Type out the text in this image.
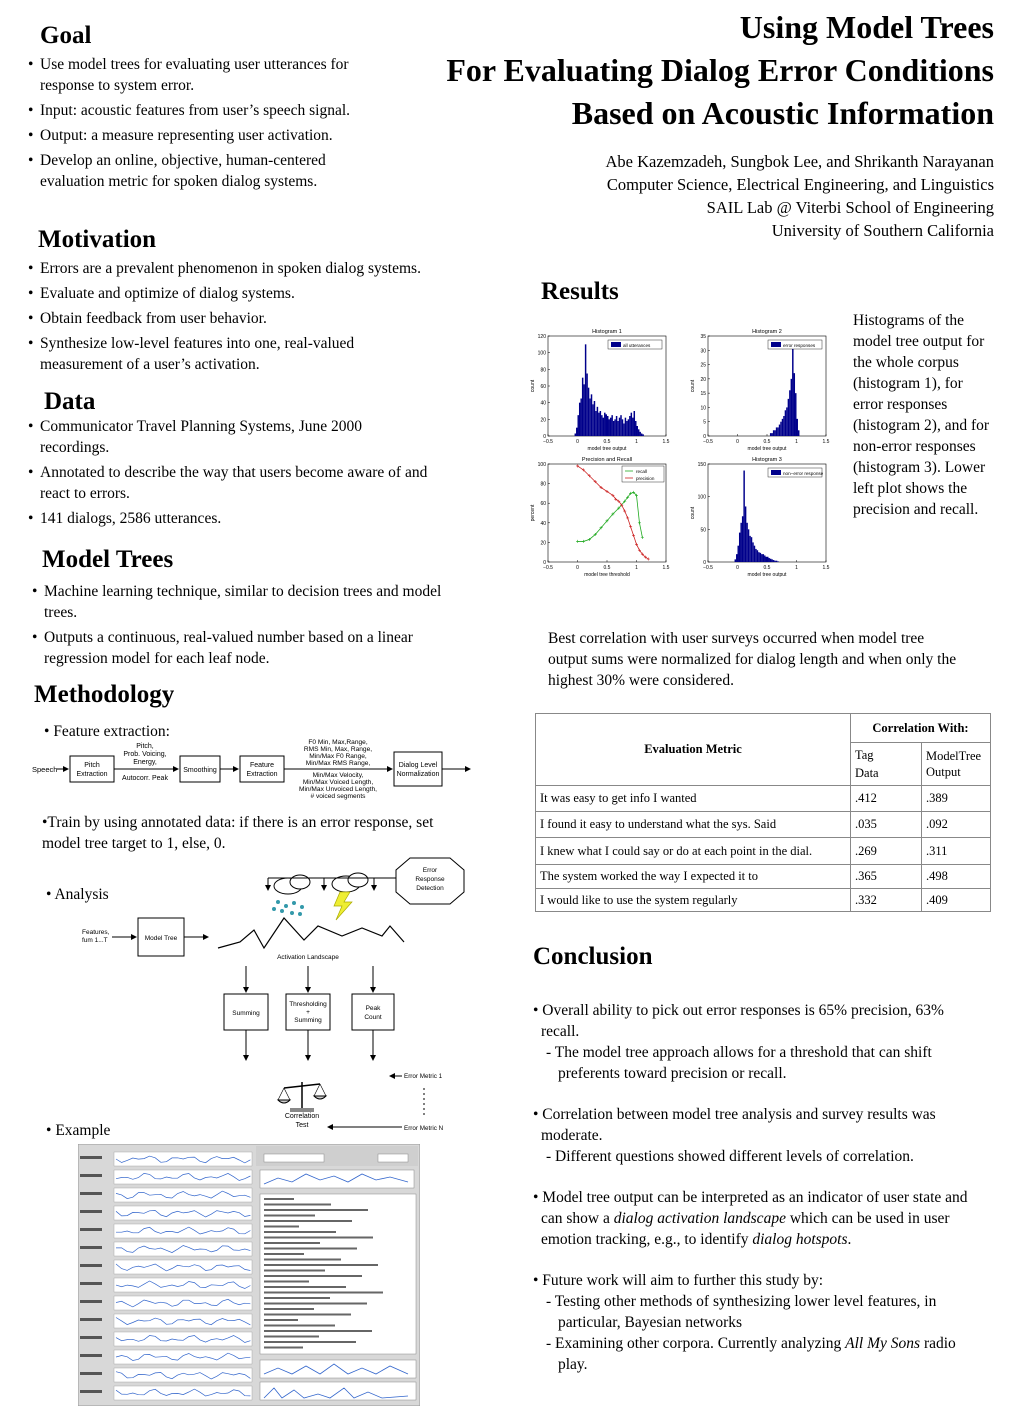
Using Model Trees
For Evaluating Dialog Error Conditions
Based on Acoustic Information
Abe Kazemzadeh, Sungbok Lee, and Shrikanth Narayanan
Computer Science, Electrical Engineering, and Linguistics
SAIL Lab @ Viterbi School of Engineering
University of Southern California
Goal
• Use model trees for evaluating user utterances for response to system error.
• Input: acoustic features from user’s speech signal.
• Output: a measure representing user activation.
• Develop an online, objective, human-centered evaluation metric for spoken dialog systems.
Motivation
• Errors are a prevalent phenomenon in spoken dialog systems.
• Evaluate and optimize of dialog systems.
• Obtain feedback from user behavior.
• Synthesize low-level features into one, real-valued measurement of a user’s activation.
Data
• Communicator Travel Planning Systems, June 2000 recordings.
• Annotated to describe the way that users become aware of and react to errors.
• 141 dialogs, 2586 utterances.
Model Trees
• Machine learning technique, similar to decision trees and model trees.
• Outputs a continuous, real-valued number based on a linear regression model for each leaf node.
Methodology
• Feature extraction:
Speech	Pitch
Extraction
Pitch,
Prob. Voicing,
Energy,
Autocorr. Peak
Smoothing
Feature
Extraction
F0 Min, Max,Range,
RMS Min, Max, Range,
Min/Max F0 Range,
Min/Max RMS Range,
Min/Max Velocity,
Min/Max Voiced Length,
Min/Max Unvoiced Length,
# voiced segments
Dialog Level
Normalization
•Train by using annotated data: if there is an error response, set model tree target to 1, else, 0.
• Analysis
Features,
fum 1...T	Model Tree
Activation Landscape
Error
Response
Detection
Summing
Thresholding
+
Summing
Peak
Count
Error Metric 1
Error Metric N
Correlation
Test
• Example
Results
Histogram 1
model tree output
count
−0.5	0	0.5	1	1.5
0
20
40
60
80
100
120
all utterances
Histogram 2
model tree output
count
−0.5	0	0.5	1	1.5
0
5
10
15
20
25
30
35
error responses
Precision and Recall
model tree threshold
percent
−0.5	0	0.5	1	1.5
0
20
40
60
80
100
recall
precision
Histogram 3
model tree output
count
−0.5	0	0.5	1	1.5
0
50
100
150
non−error response
Histograms of the model tree output for the whole corpus (histogram 1), for error responses (histogram 2), and for non-error responses (histogram 3). Lower left plot shows the precision and recall.
Best correlation with user surveys occurred when model tree output sums were normalized for dialog length and when only the highest 30% were considered.
Evaluation Metric	Correlation With:	
	Tag
Data	ModelTree
Output
It was easy to get info I wanted	.412	.389
I found it easy to understand what the sys. Said	.035	.092
I knew what I could say or do at each point in the dial.	.269	.311
The system worked the way I expected it to	.365	.498
I would like to use the system regularly	.332	.409
Conclusion
• Overall ability to pick out error responses is 65% precision, 63% recall.
- The model tree approach allows for a threshold that can shift preferents toward precision or recall.
• Correlation between model tree analysis and survey results was moderate.
- Different questions showed different levels of correlation.
• Model tree output can be interpreted as an indicator of user state and can show a dialog activation landscape which can be used in user emotion tracking, e.g., to identify dialog hotspots.
• Future work will aim to further this study by:
- Testing other methods of synthesizing lower level features, in particular, Bayesian networks
- Examining other corpora. Currently analyzing All My Sons radio play.
